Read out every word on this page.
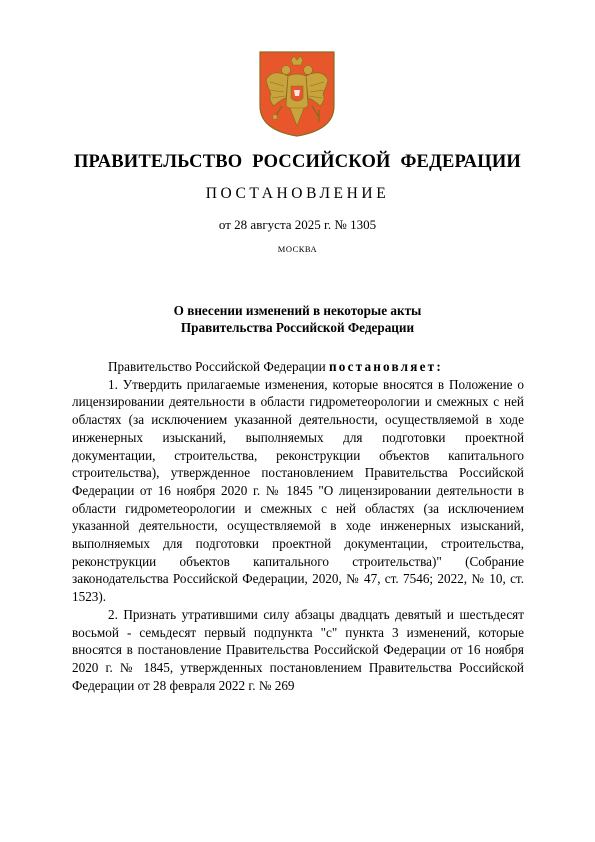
ПРАВИТЕЛЬСТВО РОССИЙСКОЙ ФЕДЕРАЦИИ
ПОСТАНОВЛЕНИЕ
от 28 августа 2025 г. № 1305
МОСКВА
О внесении изменений в некоторые акты
Правительства Российской Федерации

Правительство Российской Федерации постановляет:

1. Утвердить прилагаемые изменения, которые вносятся в Положение о лицензировании деятельности в области гидрометеорологии и смежных с ней областях (за исключением указанной деятельности, осуществляемой в ходе инженерных изысканий, выполняемых для подготовки проектной документации, строительства, реконструкции объектов капитального строительства), утвержденное постановлением Правительства Российской Федерации от 16 ноября 2020 г. № 1845 "О лицензировании деятельности в области гидрометеорологии и смежных с ней областях (за исключением указанной деятельности, осуществляемой в ходе инженерных изысканий, выполняемых для подготовки проектной документации, строительства, реконструкции объектов капитального строительства)" (Собрание законодательства Российской Федерации, 2020, № 47, ст. 7546; 2022, № 10, ст. 1523).

2. Признать утратившими силу абзацы двадцать девятый и шестьдесят восьмой - семьдесят первый подпункта "с" пункта 3 изменений, которые вносятся в постановление Правительства Российской Федерации от 16 ноября 2020 г. № 1845, утвержденных постановлением Правительства Российской Федерации от 28 февраля 2022 г. № 269
